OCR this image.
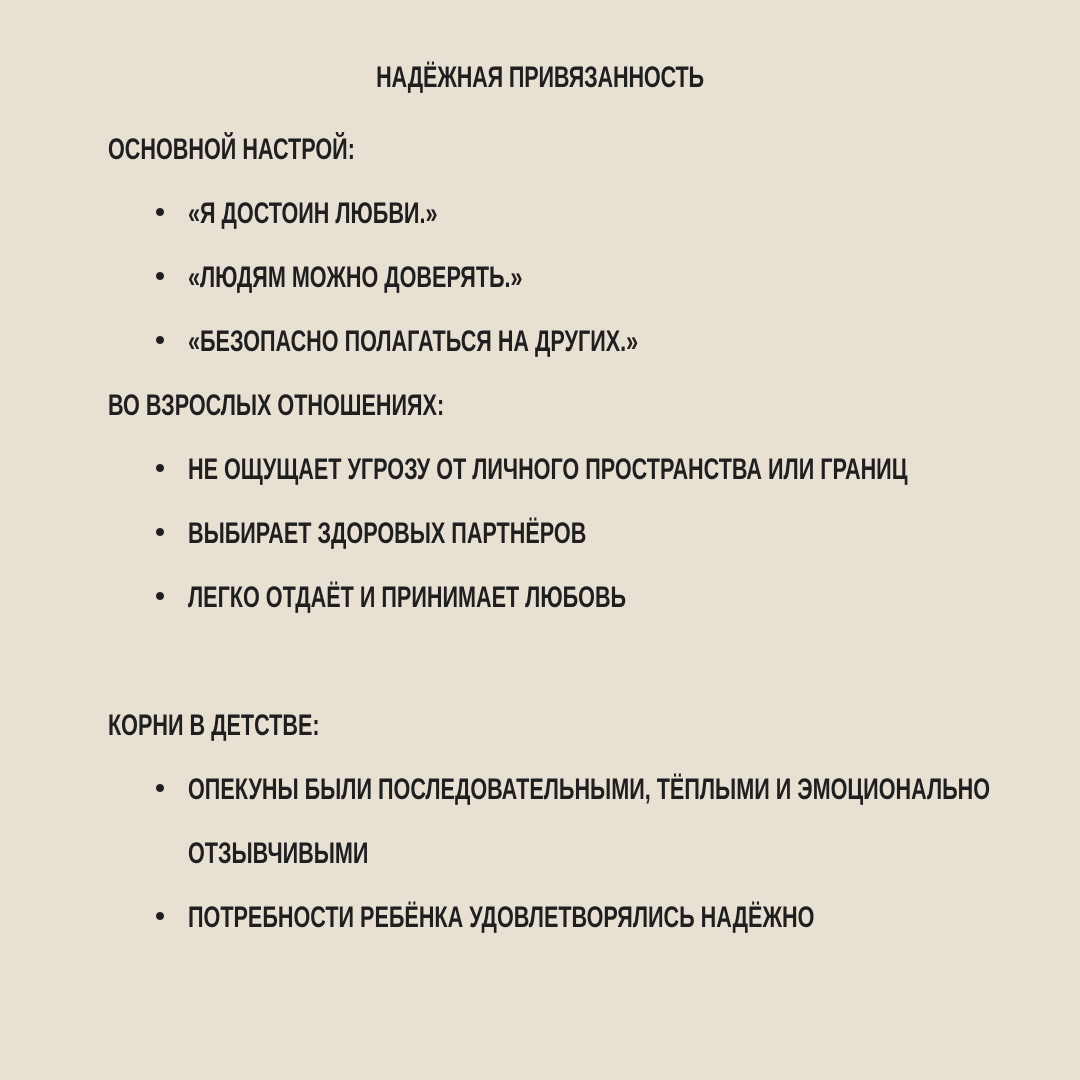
НАДЁЖНАЯ ПРИВЯЗАННОСТЬ
ОСНОВНОЙ НАСТРОЙ:
«Я ДОСТОИН ЛЮБВИ.»
«ЛЮДЯМ МОЖНО ДОВЕРЯТЬ.»
«БЕЗОПАСНО ПОЛАГАТЬСЯ НА ДРУГИХ.»
ВО ВЗРОСЛЫХ ОТНОШЕНИЯХ:
НЕ ОЩУЩАЕТ УГРОЗУ ОТ ЛИЧНОГО ПРОСТРАНСТВА ИЛИ ГРАНИЦ
ВЫБИРАЕТ ЗДОРОВЫХ ПАРТНЁРОВ
ЛЕГКО ОТДАЁТ И ПРИНИМАЕТ ЛЮБОВЬ
КОРНИ В ДЕТСТВЕ:
ОПЕКУНЫ БЫЛИ ПОСЛЕДОВАТЕЛЬНЫМИ, ТЁПЛЫМИ И ЭМОЦИОНАЛЬНО ОТЗЫВЧИВЫМИ
ПОТРЕБНОСТИ РЕБЁНКА УДОВЛЕТВОРЯЛИСЬ НАДЁЖНО
